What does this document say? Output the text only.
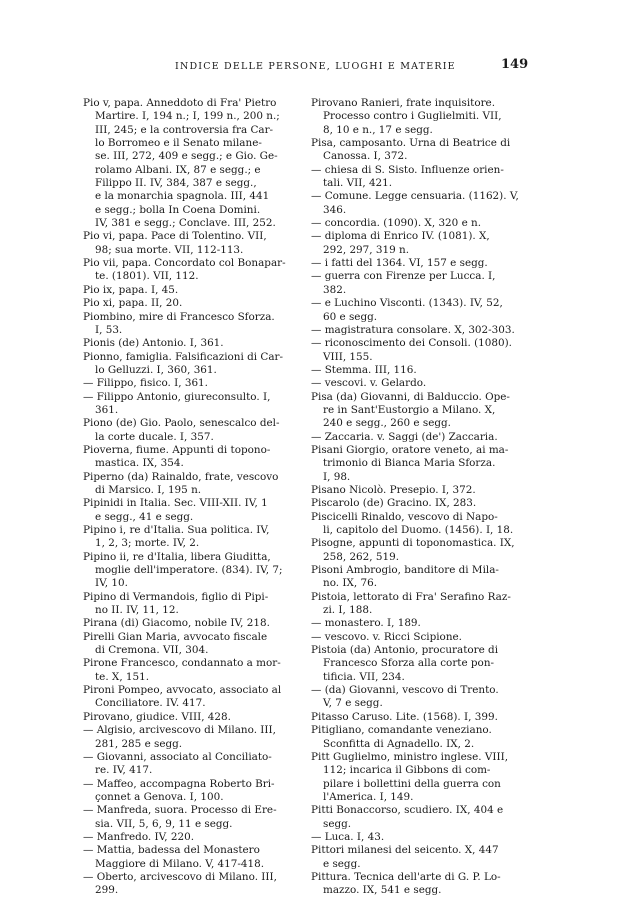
INDICE DELLE PERSONE, LUOGHI E MATERIE	149

Pio v, papa. Anneddoto di Fra' Pietro
Martire. I, 194 n.; I, 199 n., 200 n.;
III, 245; e la controversia fra Car-
lo Borromeo e il Senato milane-
se. III, 272, 409 e segg.; e Gio. Ge-
rolamo Albani. IX, 87 e segg.; e
Filippo II. IV, 384, 387 e segg.,
e la monarchia spagnola. III, 441
e segg.; bolla In Coena Domini.
IV, 381 e segg.; Conclave. III, 252.

Pio vi, papa. Pace di Tolentino. VII,
98; sua morte. VII, 112-113.

Pio vii, papa. Concordato col Bonapar-
te. (1801). VII, 112.

Pio ix, papa. I, 45.

Pio xi, papa. II, 20.

Piombino, mire di Francesco Sforza.
I, 53.

Pionis (de) Antonio. I, 361.

Pionno, famiglia. Falsificazioni di Car-
lo Gelluzzi. I, 360, 361.

— Filippo, fisico. I, 361.

— Filippo Antonio, giureconsulto. I,
361.

Piono (de) Gio. Paolo, senescalco del-
la corte ducale. I, 357.

Pioverna, fiume. Appunti di topono-
mastica. IX, 354.

Piperno (da) Rainaldo, frate, vescovo
di Marsico. I, 195 n.

Pipinidi in Italia. Sec. VIII-XII. IV, 1
e segg., 41 e segg.

Pipino i, re d'Italia. Sua politica. IV,
1, 2, 3; morte. IV, 2.

Pipino ii, re d'Italia, libera Giuditta,
moglie dell'imperatore. (834). IV, 7;
IV, 10.

Pipino di Vermandois, figlio di Pipi-
no II. IV, 11, 12.

Pirana (di) Giacomo, nobile IV, 218.

Pirelli Gian Maria, avvocato fiscale
di Cremona. VII, 304.

Pirone Francesco, condannato a mor-
te. X, 151.

Pironi Pompeo, avvocato, associato al
Conciliatore. IV. 417.

Pirovano, giudice. VIII, 428.

— Algisio, arcivescovo di Milano. III,
281, 285 e segg.

— Giovanni, associato al Conciliato-
re. IV, 417.

— Maffeo, accompagna Roberto Bri-
çonnet a Genova. I, 100.

— Manfreda, suora. Processo di Ere-
sia. VII, 5, 6, 9, 11 e segg.

— Manfredo. IV, 220.

— Mattia, badessa del Monastero
Maggiore di Milano. V, 417-418.

— Oberto, arcivescovo di Milano. III,
299.

Pirovano Ranieri, frate inquisitore.
Processo contro i Guglielmiti. VII,
8, 10 e n., 17 e segg.

Pisa, camposanto. Urna di Beatrice di
Canossa. I, 372.

— chiesa di S. Sisto. Influenze orien-
tali. VII, 421.

— Comune. Legge censuaria. (1162). V,
346.

— concordia. (1090). X, 320 e n.

— diploma di Enrico IV. (1081). X,
292, 297, 319 n.

— i fatti del 1364. VI, 157 e segg.

— guerra con Firenze per Lucca. I,
382.

— e Luchino Visconti. (1343). IV, 52,
60 e segg.

— magistratura consolare. X, 302-303.

— riconoscimento dei Consoli. (1080).
VIII, 155.

— Stemma. III, 116.

— vescovi. v. Gelardo.

Pisa (da) Giovanni, di Balduccio. Ope-
re in Sant'Eustorgio a Milano. X,
240 e segg., 260 e segg.

— Zaccaria. v. Saggi (de') Zaccaria.

Pisani Giorgio, oratore veneto, ai ma-
trimonio di Bianca Maria Sforza.
I, 98.

Pisano Nicolò. Presepio. I, 372.

Piscarolo (de) Gracino. IX, 283.

Piscicelli Rinaldo, vescovo di Napo-
li, capitolo del Duomo. (1456). I, 18.

Pisogne, appunti di toponomastica. IX,
258, 262, 519.

Pisoni Ambrogio, banditore di Mila-
no. IX, 76.

Pistoia, lettorato di Fra' Serafino Raz-
zi. I, 188.

— monastero. I, 189.

— vescovo. v. Ricci Scipione.

Pistoia (da) Antonio, procuratore di
Francesco Sforza alla corte pon-
tificia. VII, 234.

— (da) Giovanni, vescovo di Trento.
V, 7 e segg.

Pitasso Caruso. Lite. (1568). I, 399.

Pitigliano, comandante veneziano.
Sconfitta di Agnadello. IX, 2.

Pitt Guglielmo, ministro inglese. VIII,
112; incarica il Gibbons di com-
pilare i bollettini della guerra con
l'America. I, 149.

Pitti Bonaccorso, scudiero. IX, 404 e
segg.

— Luca. I, 43.

Pittori milanesi del seicento. X, 447
e segg.

Pittura. Tecnica dell'arte di G. P. Lo-
mazzo. IX, 541 e segg.
